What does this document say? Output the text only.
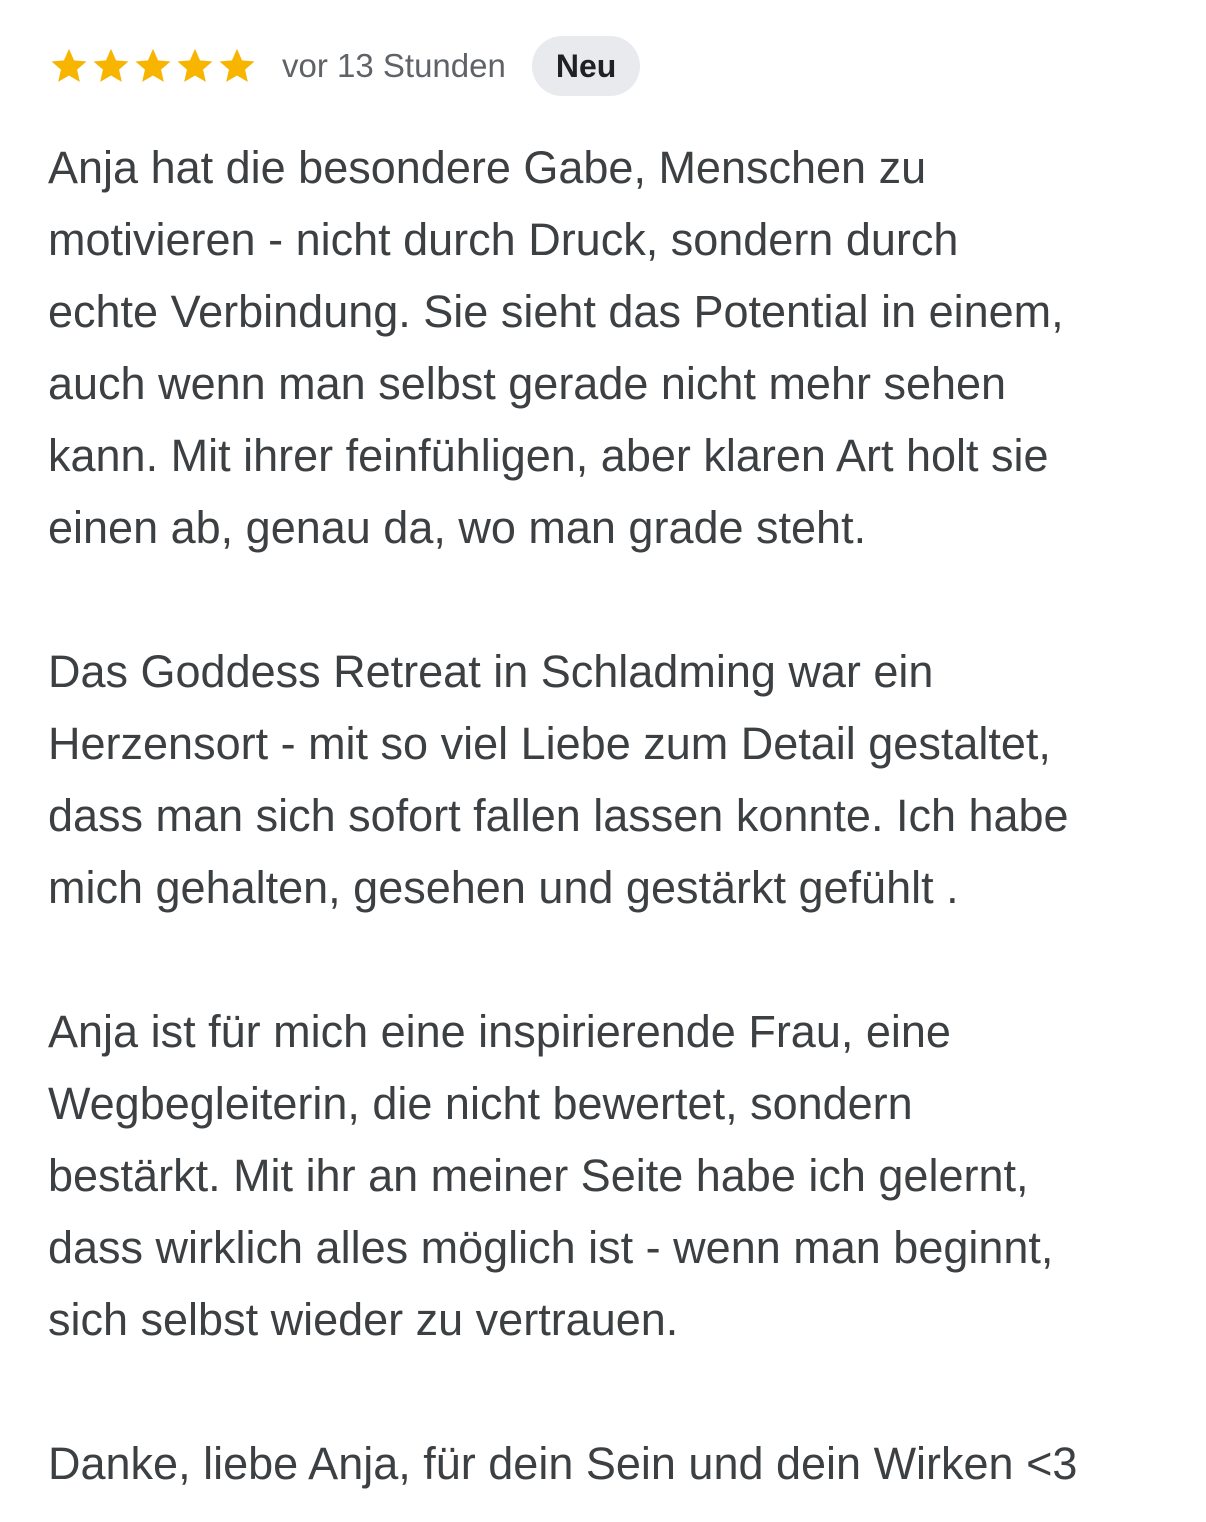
vor 13 Stunden	Neu

Anja hat die besondere Gabe, Menschen zu
motivieren - nicht durch Druck, sondern durch
echte Verbindung. Sie sieht das Potential in einem,
auch wenn man selbst gerade nicht mehr sehen
kann. Mit ihrer feinfühligen, aber klaren Art holt sie
einen ab, genau da, wo man grade steht.

Das Goddess Retreat in Schladming war ein
Herzensort - mit so viel Liebe zum Detail gestaltet,
dass man sich sofort fallen lassen konnte. Ich habe
mich gehalten, gesehen und gestärkt gefühlt .

Anja ist für mich eine inspirierende Frau, eine
Wegbegleiterin, die nicht bewertet, sondern
bestärkt. Mit ihr an meiner Seite habe ich gelernt,
dass wirklich alles möglich ist - wenn man beginnt,
sich selbst wieder zu vertrauen.

Danke, liebe Anja, für dein Sein und dein Wirken <3
